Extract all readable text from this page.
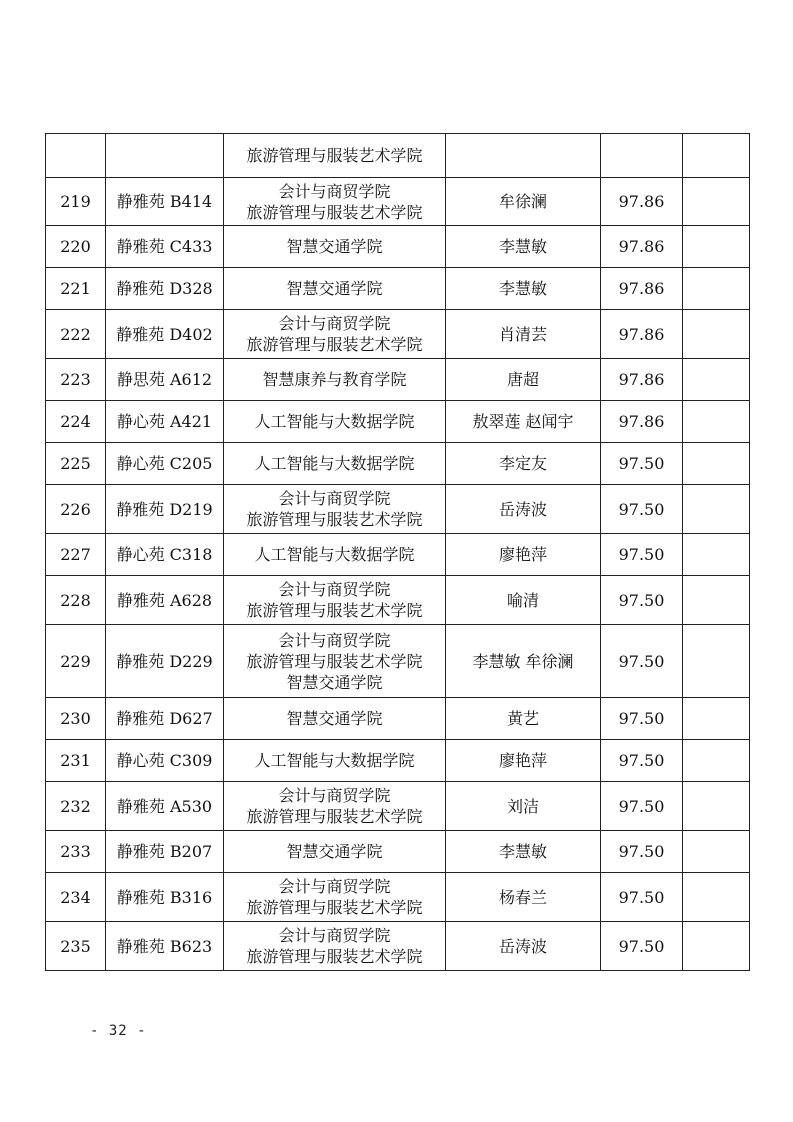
		旅游管理与服装艺术学院			

219	静雅苑 B414	会计与商贸学院
旅游管理与服装艺术学院	牟徐澜	97.86	
220	静雅苑 C433	智慧交通学院	李慧敏	97.86	
221	静雅苑 D328	智慧交通学院	李慧敏	97.86	
222	静雅苑 D402	会计与商贸学院
旅游管理与服装艺术学院	肖清芸	97.86	
223	静思苑 A612	智慧康养与教育学院	唐超	97.86	
224	静心苑 A421	人工智能与大数据学院	敖翠莲 赵闻宇	97.86	
225	静心苑 C205	人工智能与大数据学院	李定友	97.50	
226	静雅苑 D219	会计与商贸学院
旅游管理与服装艺术学院	岳涛波	97.50	
227	静心苑 C318	人工智能与大数据学院	廖艳萍	97.50	
228	静雅苑 A628	会计与商贸学院
旅游管理与服装艺术学院	喻清	97.50	
229	静雅苑 D229	会计与商贸学院
旅游管理与服装艺术学院
智慧交通学院	李慧敏 牟徐澜	97.50	
230	静雅苑 D627	智慧交通学院	黄艺	97.50	
231	静心苑 C309	人工智能与大数据学院	廖艳萍	97.50	
232	静雅苑 A530	会计与商贸学院
旅游管理与服装艺术学院	刘洁	97.50	
233	静雅苑 B207	智慧交通学院	李慧敏	97.50	
234	静雅苑 B316	会计与商贸学院
旅游管理与服装艺术学院	杨春兰	97.50	
235	静雅苑 B623	会计与商贸学院
旅游管理与服装艺术学院	岳涛波	97.50	
- 32 -
